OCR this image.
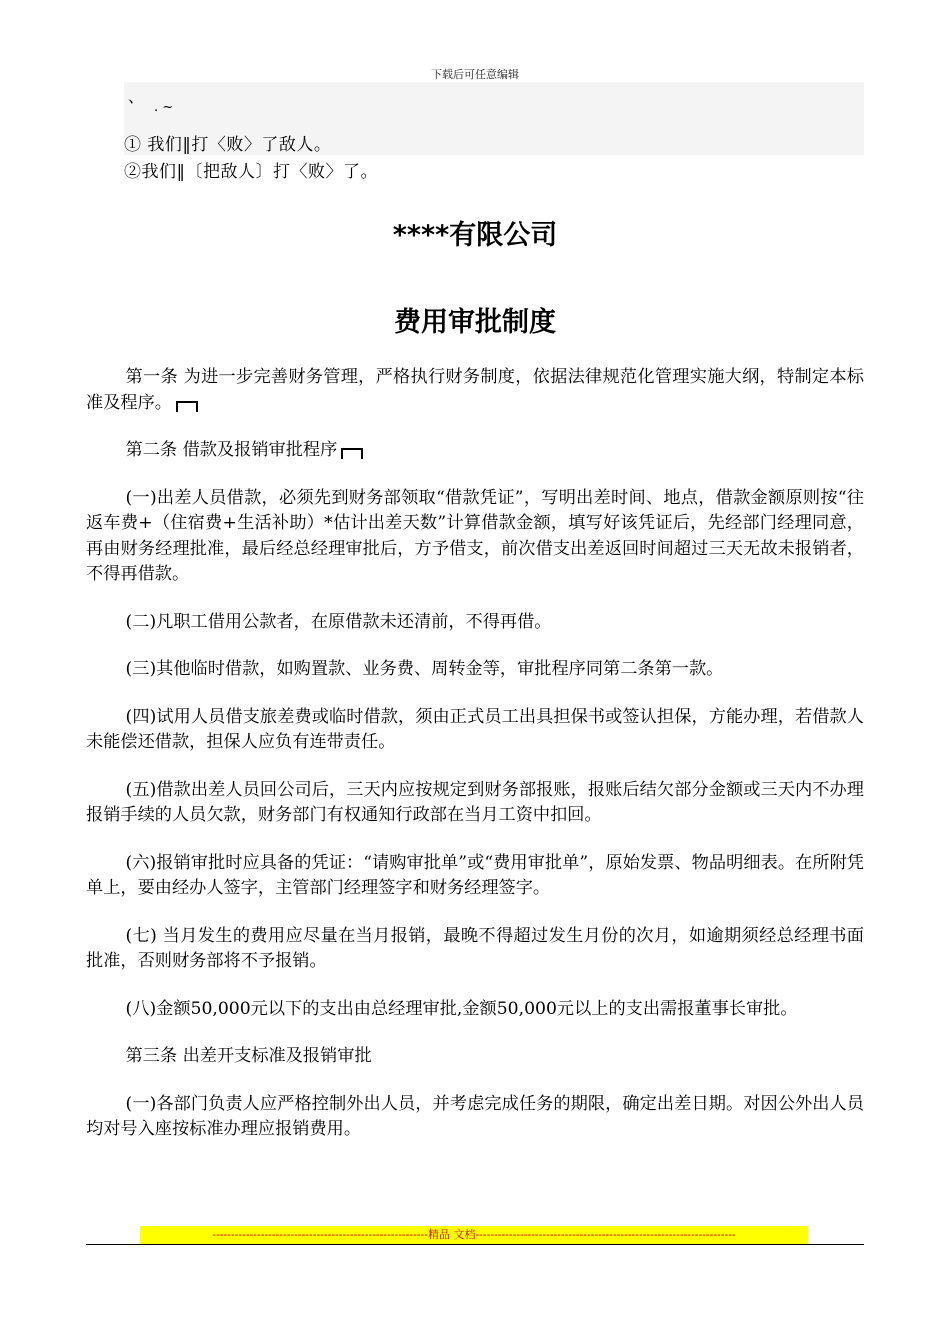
下载后可任意编辑
、
. ~
① 我们‖打〈败〉了敌人。
②我们‖〔把敌人〕打〈败〉了。
****有限公司
费用审批制度

第一条 为进一步完善财务管理，严格执行财务制度，依据法律规范化管理实施大纲，特制定本标准及程序。

第二条 借款及报销审批程序

(一)出差人员借款，必须先到财务部领取“借款凭证”，写明出差时间、地点，借款金额原则按“往返车费+（住宿费+生活补助）*估计出差天数”计算借款金额，填写好该凭证后，先经部门经理同意，再由财务经理批准，最后经总经理审批后，方予借支，前次借支出差返回时间超过三天无故未报销者，不得再借款。

(二)凡职工借用公款者，在原借款未还清前，不得再借。

(三)其他临时借款，如购置款、业务费、周转金等，审批程序同第二条第一款。

(四)试用人员借支旅差费或临时借款，须由正式员工出具担保书或签认担保，方能办理，若借款人未能偿还借款，担保人应负有连带责任。

(五)借款出差人员回公司后，三天内应按规定到财务部报账，报账后结欠部分金额或三天内不办理报销手续的人员欠款，财务部门有权通知行政部在当月工资中扣回。

(六)报销审批时应具备的凭证：“请购审批单”或“费用审批单”，原始发票、物品明细表。在所附凭单上，要由经办人签字，主管部门经理签字和财务经理签字。

(七) 当月发生的费用应尽量在当月报销，最晚不得超过发生月份的次月，如逾期须经总经理书面批准，否则财务部将不予报销。

(八)金额50,000元以下的支出由总经理审批,金额50,000元以上的支出需报董事长审批。

第三条 出差开支标准及报销审批

(一)各部门负责人应严格控制外出人员，并考虑完成任务的期限，确定出差日期。对因公外出人员均对号入座按标准办理应报销费用。

----------------------------------------------------------精品 文档----------------------------------------------------------------------
